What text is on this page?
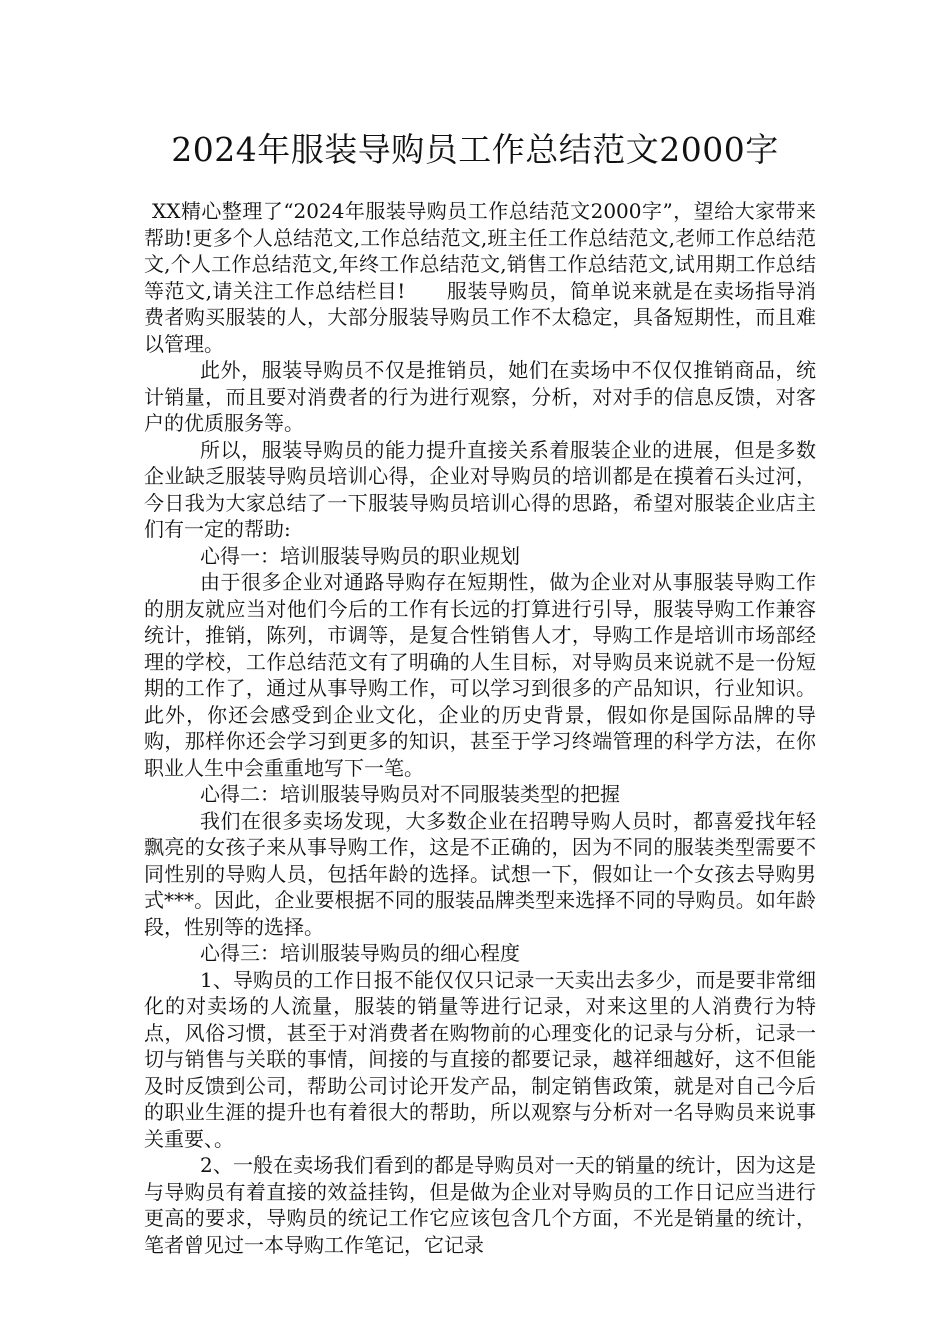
2024年服装导购员工作总结范文2000字

XX精心整理了“2024年服装导购员工作总结范文2000字”，望给大家带来帮助!更多个人总结范文,工作总结范文,班主任工作总结范文,老师工作总结范文,个人工作总结范文,年终工作总结范文,销售工作总结范文,试用期工作总结等范文,请关注工作总结栏目!　　服装导购员，简单说来就是在卖场指导消费者购买服装的人，大部分服装导购员工作不太稳定，具备短期性，而且难以管理。

此外，服装导购员不仅是推销员，她们在卖场中不仅仅推销商品，统计销量，而且要对消费者的行为进行观察，分析，对对手的信息反馈，对客户的优质服务等。

所以，服装导购员的能力提升直接关系着服装企业的进展，但是多数企业缺乏服装导购员培训心得，企业对导购员的培训都是在摸着石头过河，今日我为大家总结了一下服装导购员培训心得的思路，希望对服装企业店主们有一定的帮助:

心得一：培训服装导购员的职业规划

由于很多企业对通路导购存在短期性，做为企业对从事服装导购工作的朋友就应当对他们今后的工作有长远的打算进行引导，服装导购工作兼容统计，推销，陈列，市调等，是复合性销售人才，导购工作是培训市场部经理的学校，工作总结范文有了明确的人生目标，对导购员来说就不是一份短期的工作了，通过从事导购工作，可以学习到很多的产品知识，行业知识。此外，你还会感受到企业文化，企业的历史背景，假如你是国际品牌的导购，那样你还会学习到更多的知识，甚至于学习终端管理的科学方法，在你职业人生中会重重地写下一笔。

心得二：培训服装导购员对不同服装类型的把握

我们在很多卖场发现，大多数企业在招聘导购人员时，都喜爱找年轻飘亮的女孩子来从事导购工作，这是不正确的，因为不同的服装类型需要不同性别的导购人员，包括年龄的选择。试想一下，假如让一个女孩去导购男式***。因此，企业要根据不同的服装品牌类型来选择不同的导购员。如年龄段，性别等的选择。

心得三：培训服装导购员的细心程度

1、导购员的工作日报不能仅仅只记录一天卖出去多少，而是要非常细化的对卖场的人流量，服装的销量等进行记录，对来这里的人消费行为特点，风俗习惯，甚至于对消费者在购物前的心理变化的记录与分析，记录一切与销售与关联的事情，间接的与直接的都要记录，越祥细越好，这不但能及时反馈到公司，帮助公司讨论开发产品，制定销售政策，就是对自己今后的职业生涯的提升也有着很大的帮助，所以观察与分析对一名导购员来说事关重要、。

2、一般在卖场我们看到的都是导购员对一天的销量的统计，因为这是与导购员有着直接的效益挂钩，但是做为企业对导购员的工作日记应当进行更高的要求，导购员的统记工作它应该包含几个方面，不光是销量的统计，笔者曾见过一本导购工作笔记，它记录
